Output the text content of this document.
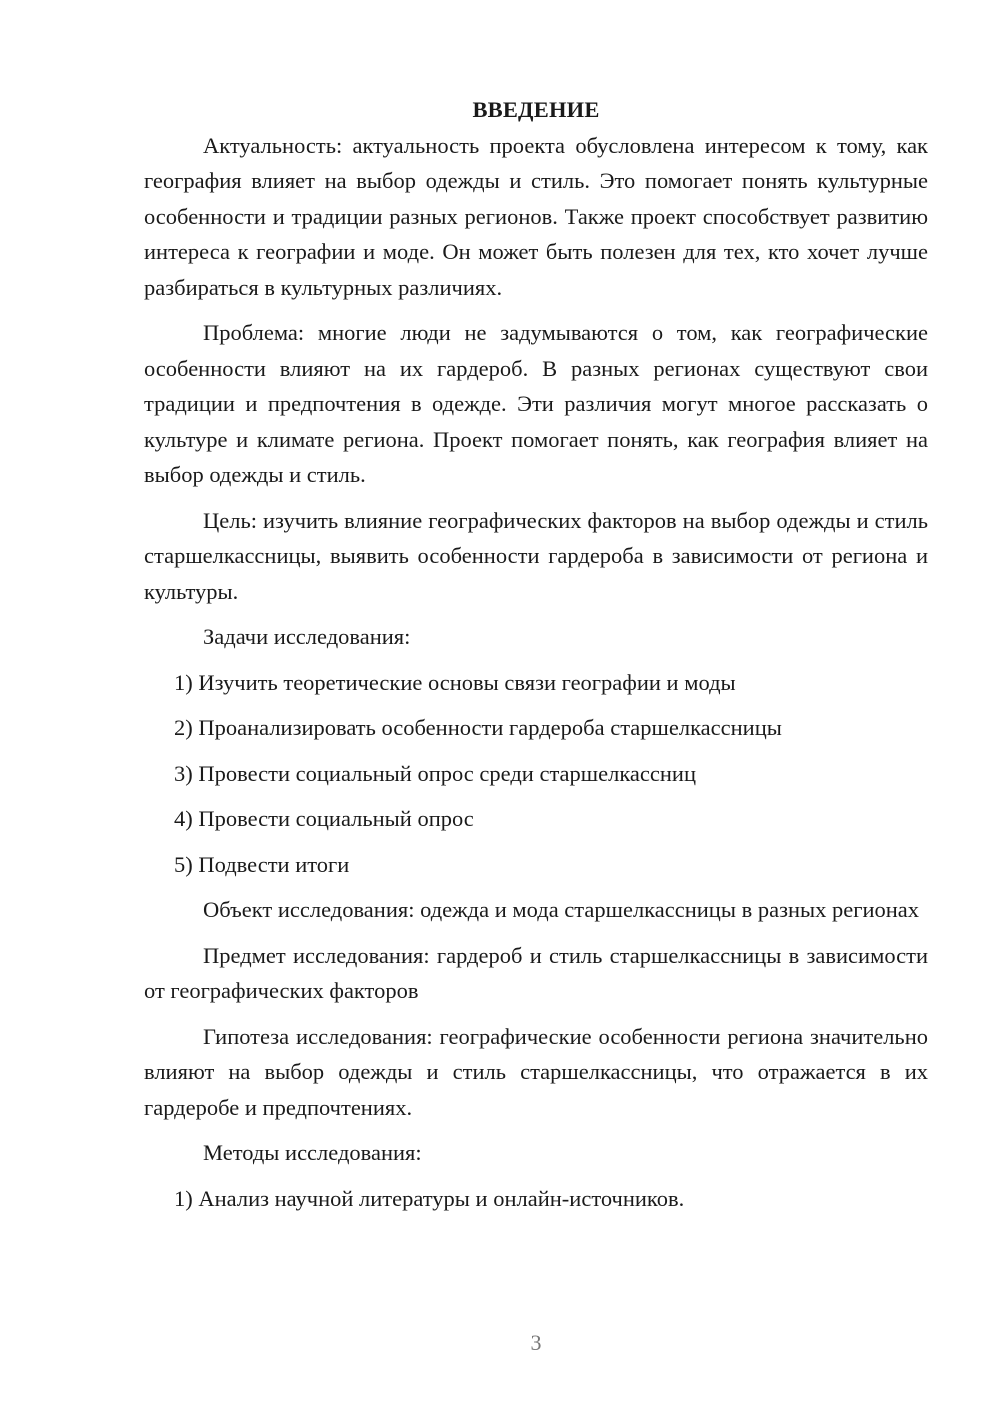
ВВЕДЕНИЕ

Актуальность: актуальность проекта обусловлена интересом к тому, как география влияет на выбор одежды и стиль. Это помогает понять культурные особенности и традиции разных регионов. Также проект способствует развитию интереса к географии и моде. Он может быть полезен для тех, кто хочет лучше разбираться в культурных различиях.

Проблема: многие люди не задумываются о том, как географические особенности влияют на их гардероб. В разных регионах существуют свои традиции и предпочтения в одежде. Эти различия могут многое рассказать о культуре и климате региона. Проект помогает понять, как география влияет на выбор одежды и стиль.

Цель: изучить влияние географических факторов на выбор одежды и стиль старшелкассницы, выявить особенности гардероба в зависимости от региона и культуры.

Задачи исследования:

1) Изучить теоретические основы связи географии и моды
2) Проанализировать особенности гардероба старшелкассницы
3) Провести социальный опрос среди старшелкассниц
4) Провести социальный опрос
5) Подвести итоги

Объект исследования: одежда и мода старшелкассницы в разных регионах

Предмет исследования: гардероб и стиль старшелкассницы в зависимости от географических факторов

Гипотеза исследования: географические особенности региона значительно влияют на выбор одежды и стиль старшелкассницы, что отражается в их гардеробе и предпочтениях.

Методы исследования:

1) Анализ научной литературы и онлайн-источников.
3
